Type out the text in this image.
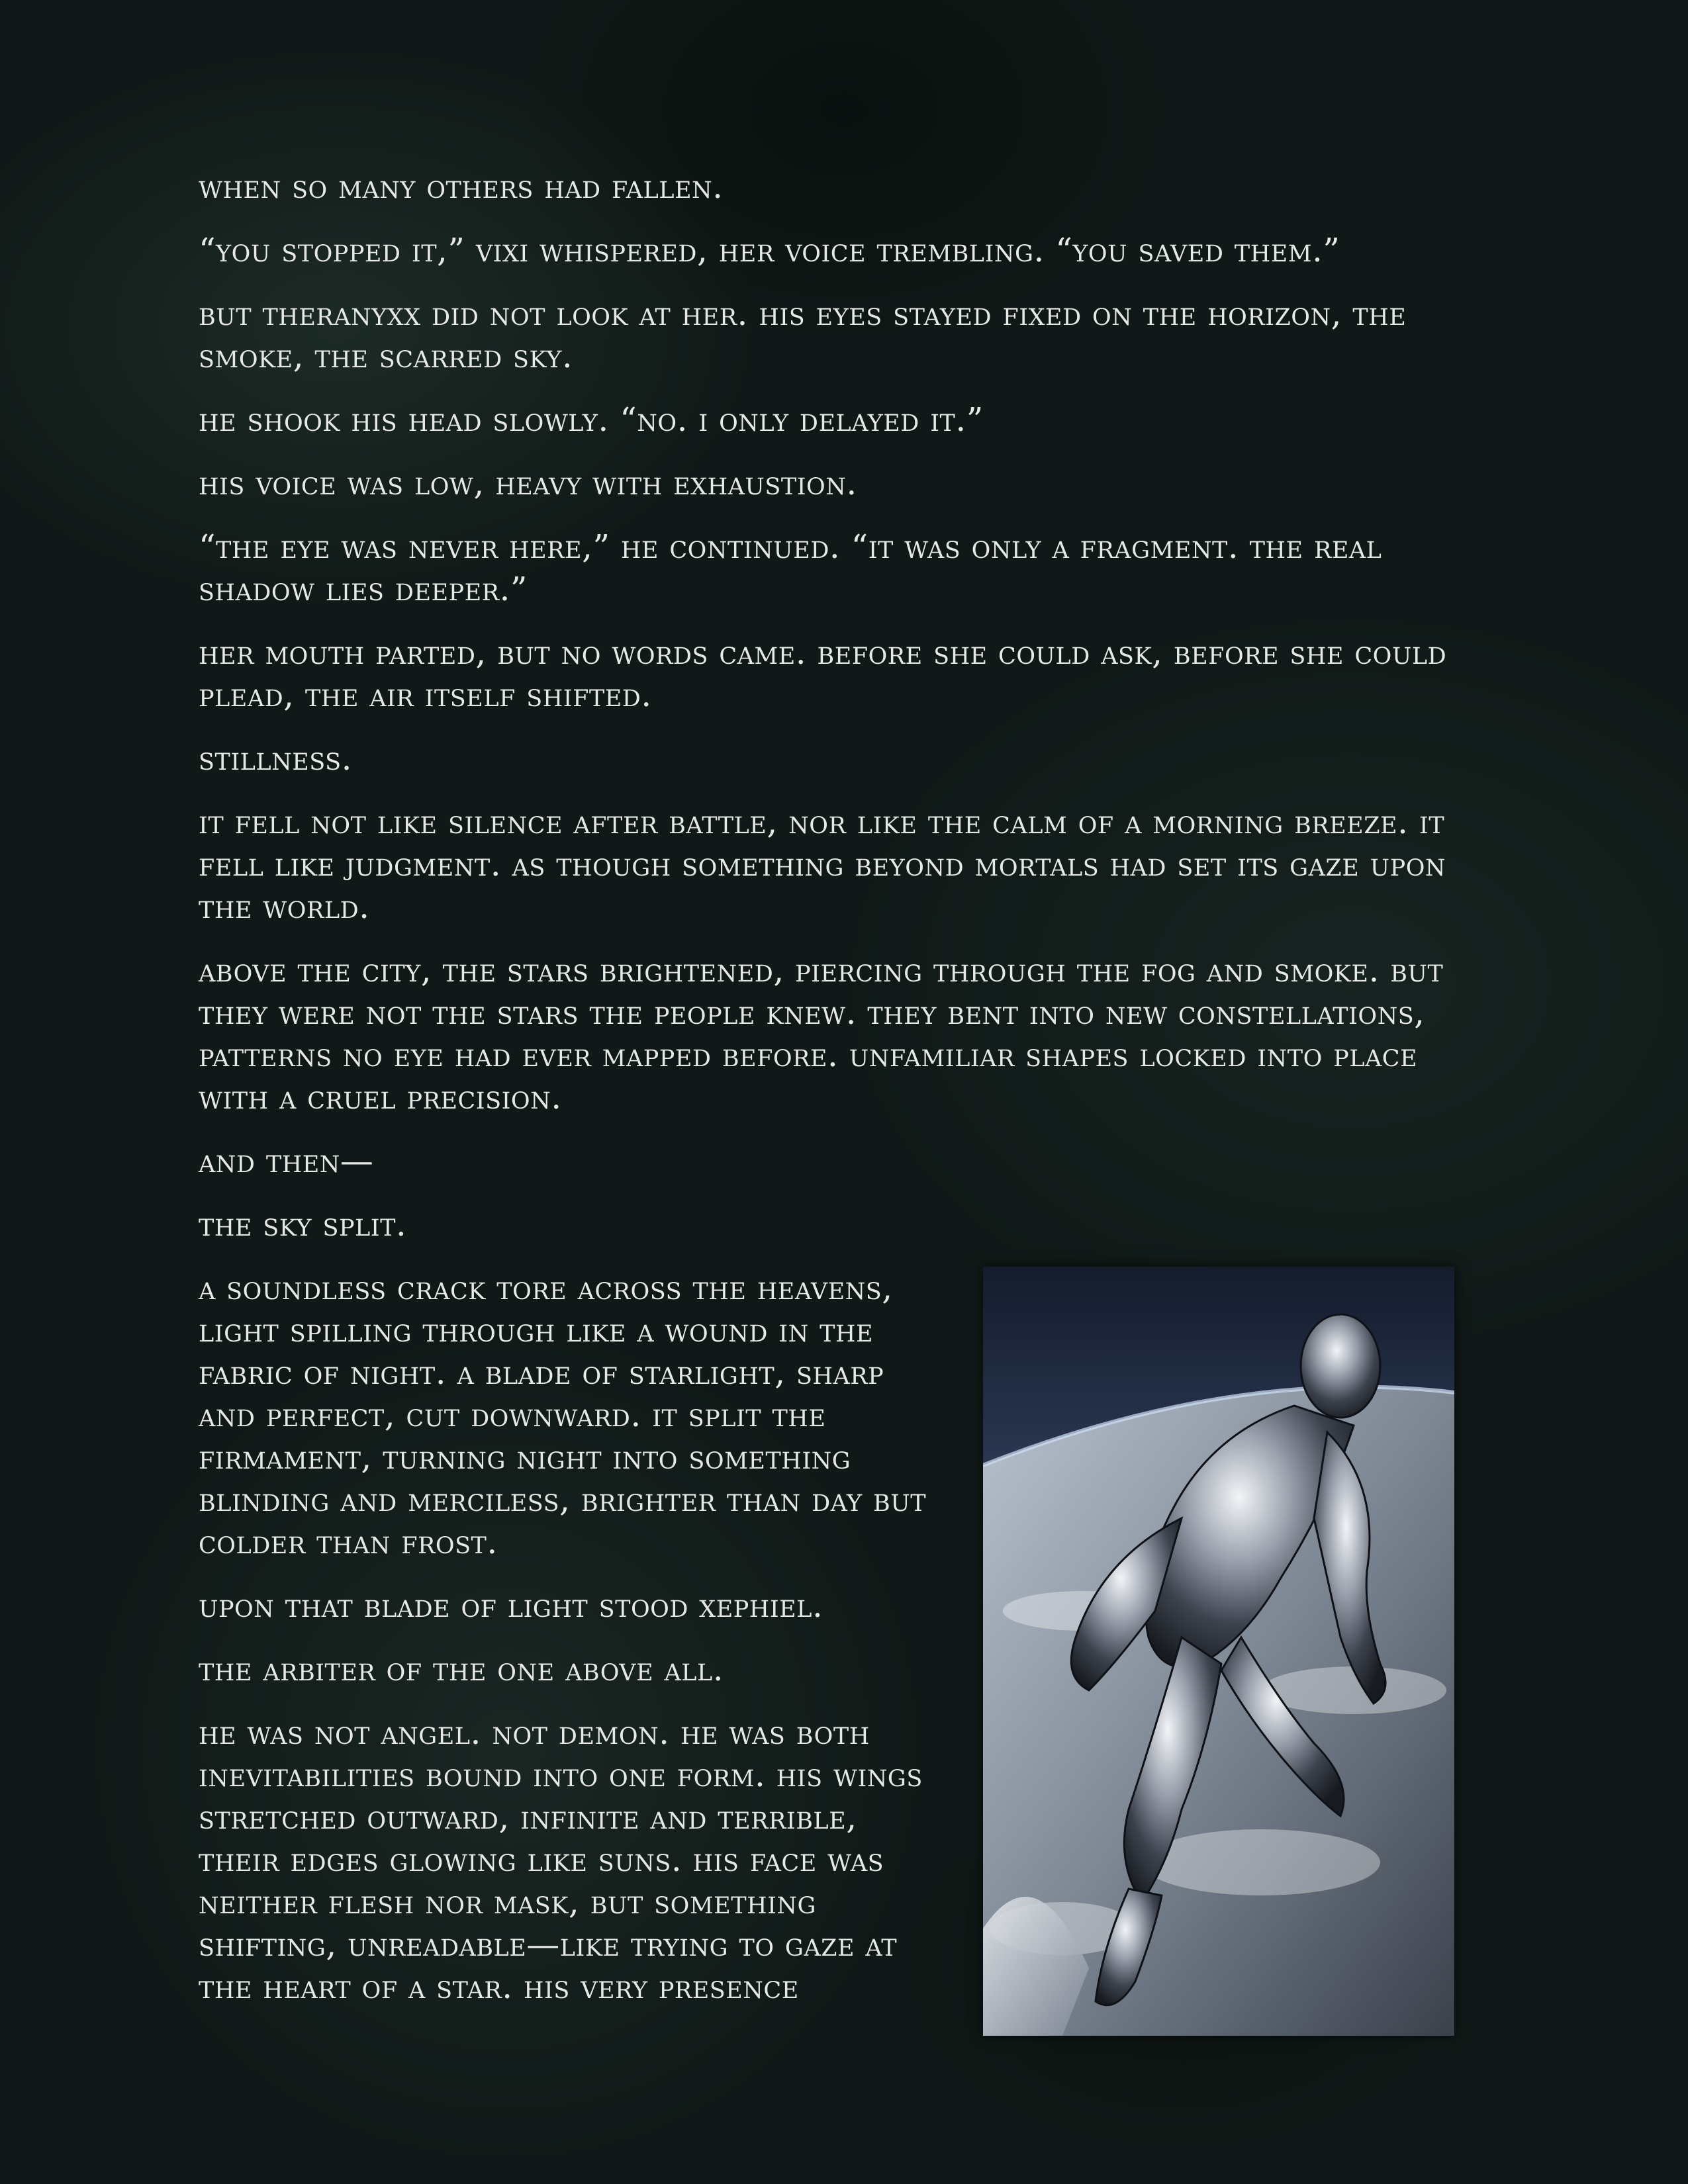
when so many others had fallen.

“you stopped it,” vixi whispered, her voice trembling. “you saved them.”

but theranyxx did not look at her. his eyes stayed fixed on the horizon, the smoke, the scarred sky.

he shook his head slowly. “no. i only delayed it.”

his voice was low, heavy with exhaustion.

“the eye was never here,” he continued. “it was only a fragment. the real shadow lies deeper.”

her mouth parted, but no words came. before she could ask, before she could plead, the air itself shifted.

stillness.

it fell not like silence after battle, nor like the calm of a morning breeze. it fell like judgment. as though something beyond mortals had set its gaze upon the world.

above the city, the stars brightened, piercing through the fog and smoke. but they were not the stars the people knew. they bent into new constellations, patterns no eye had ever mapped before. unfamiliar shapes locked into place with a cruel precision.

and then—

the sky split.

a soundless crack tore across the heavens, light spilling through like a wound in the fabric of night. a blade of starlight, sharp and perfect, cut downward. it split the firmament, turning night into something blinding and merciless, brighter than day but colder than frost.

upon that blade of light stood xephiel.

the arbiter of the one above all.

he was not angel. not demon. he was both inevitabilities bound into one form. his wings stretched outward, infinite and terrible, their edges glowing like suns. his face was neither flesh nor mask, but something shifting, unreadable—like trying to gaze at the heart of a star. his very presence
